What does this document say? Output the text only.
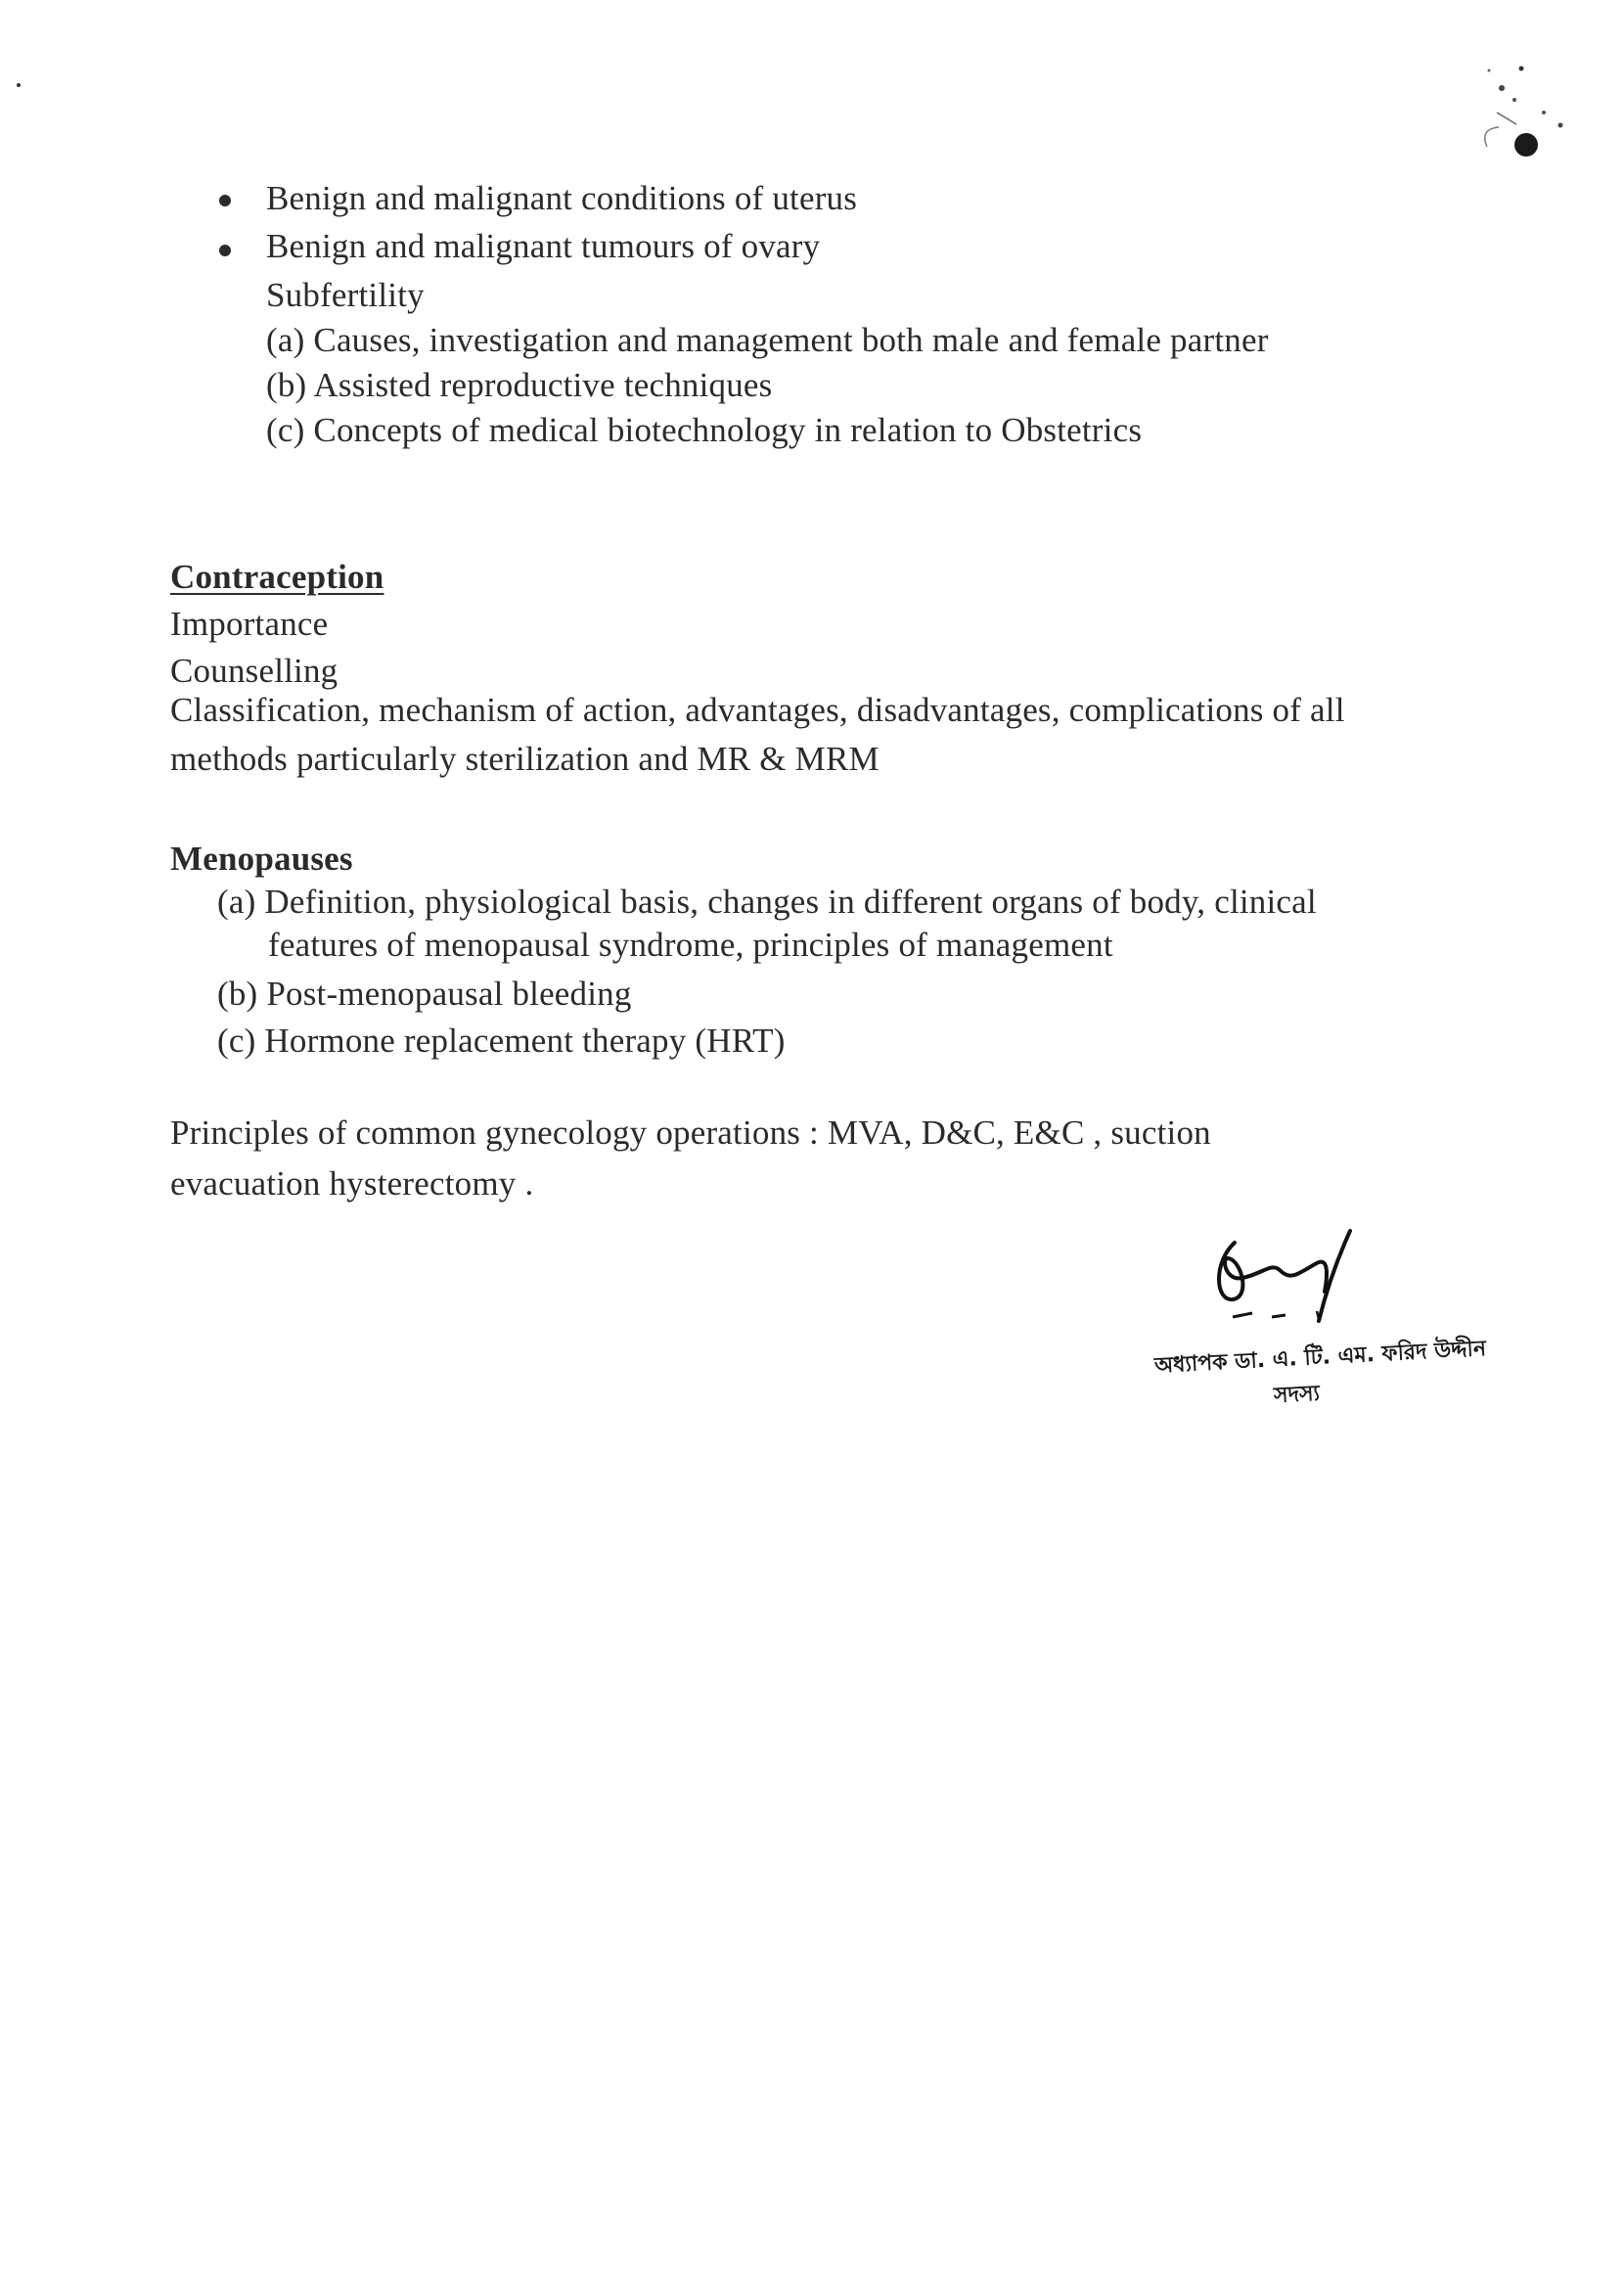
Benign and malignant conditions of uterus
Benign and malignant tumours of ovary
Subfertility
(a) Causes, investigation and management both male and female partner
(b) Assisted reproductive techniques
(c) Concepts of medical biotechnology in relation to Obstetrics
Contraception
Importance
Counselling
Classification, mechanism of action, advantages, disadvantages, complications of all
methods particularly sterilization and MR & MRM
Menopauses
(a) Definition, physiological basis, changes in different organs of body, clinical
features of menopausal syndrome, principles of management
(b) Post-menopausal bleeding
(c) Hormone replacement therapy (HRT)
Principles of common gynecology operations : MVA, D&C, E&C , suction
evacuation hysterectomy .
অধ্যাপক ডা. এ. টি. এম. ফরিদ উদ্দীন
সদস্য
